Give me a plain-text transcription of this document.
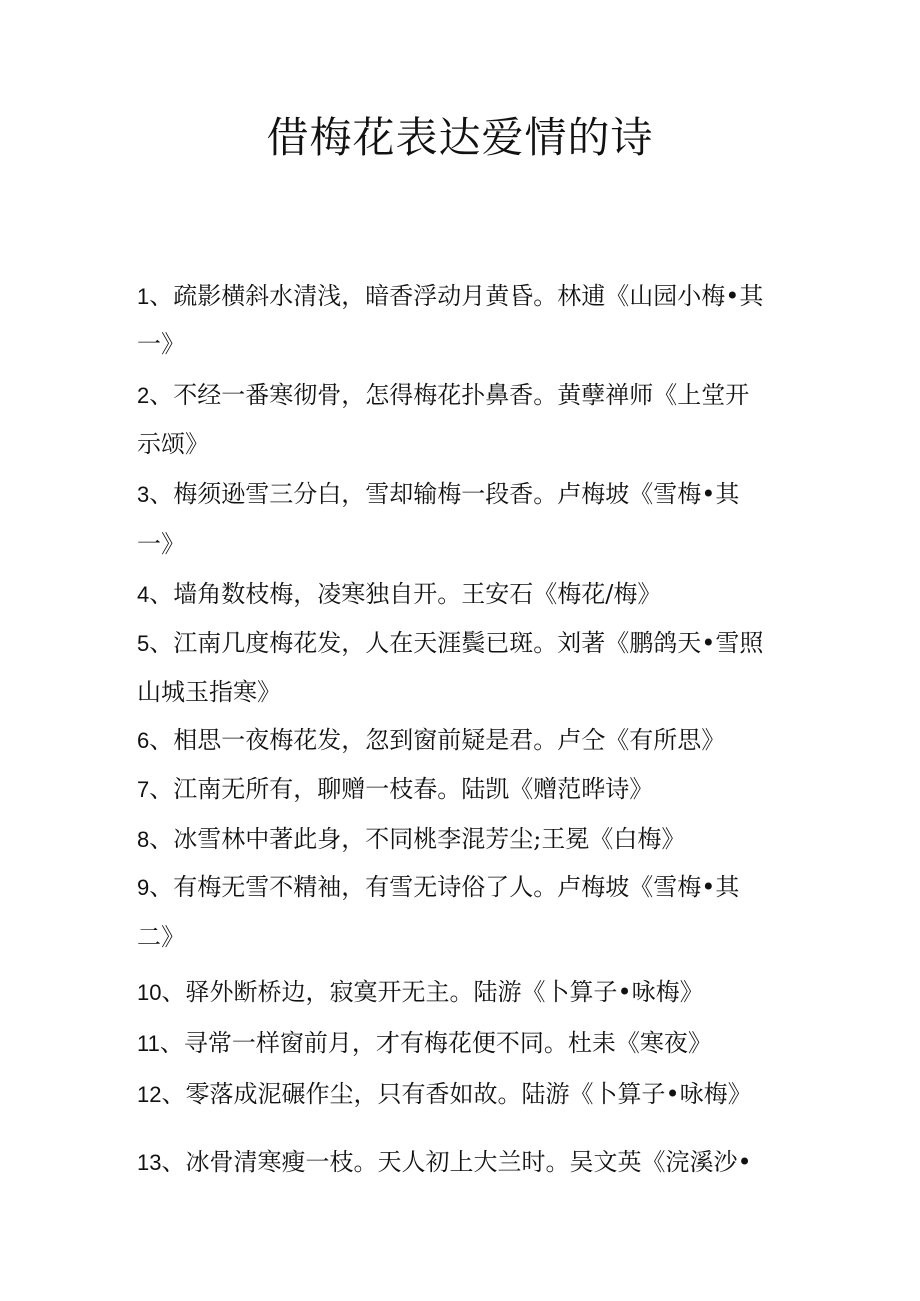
借梅花表达爱情的诗
1、疏影横斜水清浅，暗香浮动月黄昏。林逋《山园小梅•其
一》
2、不经一番寒彻骨，怎得梅花扑鼻香。黄孽禅师《上堂开
示颂》
3、梅须逊雪三分白，雪却输梅一段香。卢梅坡《雪梅•其
一》
4、墙角数枝梅，凌寒独自开。王安石《梅花/梅》
5、江南几度梅花发，人在天涯鬓已斑。刘著《鹏鸽天•雪照
山城玉指寒》
6、相思一夜梅花发，忽到窗前疑是君。卢仝《有所思》
7、江南无所有，聊赠一枝春。陆凯《赠范晔诗》
8、冰雪林中著此身，不同桃李混芳尘;王冕《白梅》
9、有梅无雪不精袖，有雪无诗俗了人。卢梅坡《雪梅•其
二》
10、驿外断桥边，寂寞开无主。陆游《卜算子•咏梅》
11、寻常一样窗前月，才有梅花便不同。杜耒《寒夜》
12、零落成泥碾作尘，只有香如故。陆游《卜算子•咏梅》
13、冰骨清寒瘦一枝。天人初上大兰时。吴文英《浣溪沙•
